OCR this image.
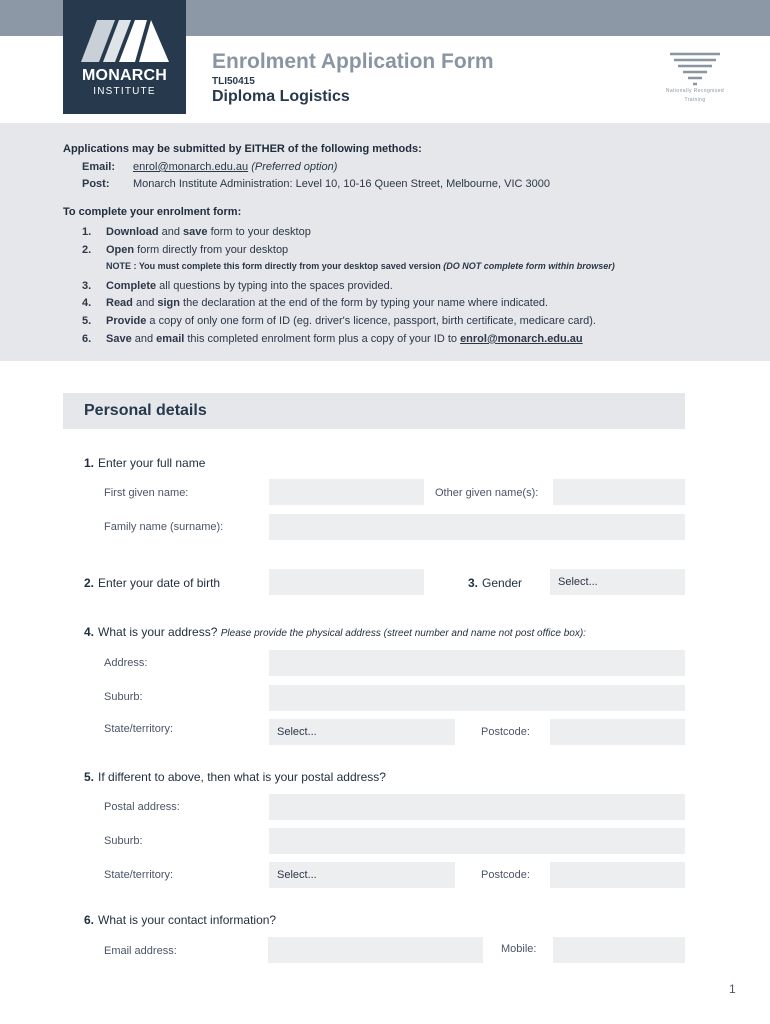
MONARCH
INSTITUTE
Enrolment Application Form
TLI50415
Diploma Logistics	Nationally Recognised
Training
Applications may be submitted by EITHER of the following methods:
Email: enrol@monarch.edu.au (Preferred option)
Post: Monarch Institute Administration: Level 10, 10-16 Queen Street, Melbourne, VIC 3000
To complete your enrolment form:
1. Download and save form to your desktop
2. Open form directly from your desktop
NOTE : You must complete this form directly from your desktop saved version (DO NOT complete form within browser)
3. Complete all questions by typing into the spaces provided.
4. Read and sign the declaration at the end of the form by typing your name where indicated.
5. Provide a copy of only one form of ID (eg. driver's licence, passport, birth certificate, medicare card).
6. Save and email this completed enrolment form plus a copy of your ID to enrol@monarch.edu.au
Personal details
1. Enter your full name
First given name:	Other given name(s):
Family name (surname):
2. Enter your date of birth	3. Gender	Select...
4. What is your address? Please provide the physical address (street number and name not post office box):
Address:
Suburb:
State/territory:	Select...	Postcode:
5. If different to above, then what is your postal address?
Postal address:
Suburb:
State/territory:	Select...	Postcode:
6. What is your contact information?
Email address:	Mobile:
1
